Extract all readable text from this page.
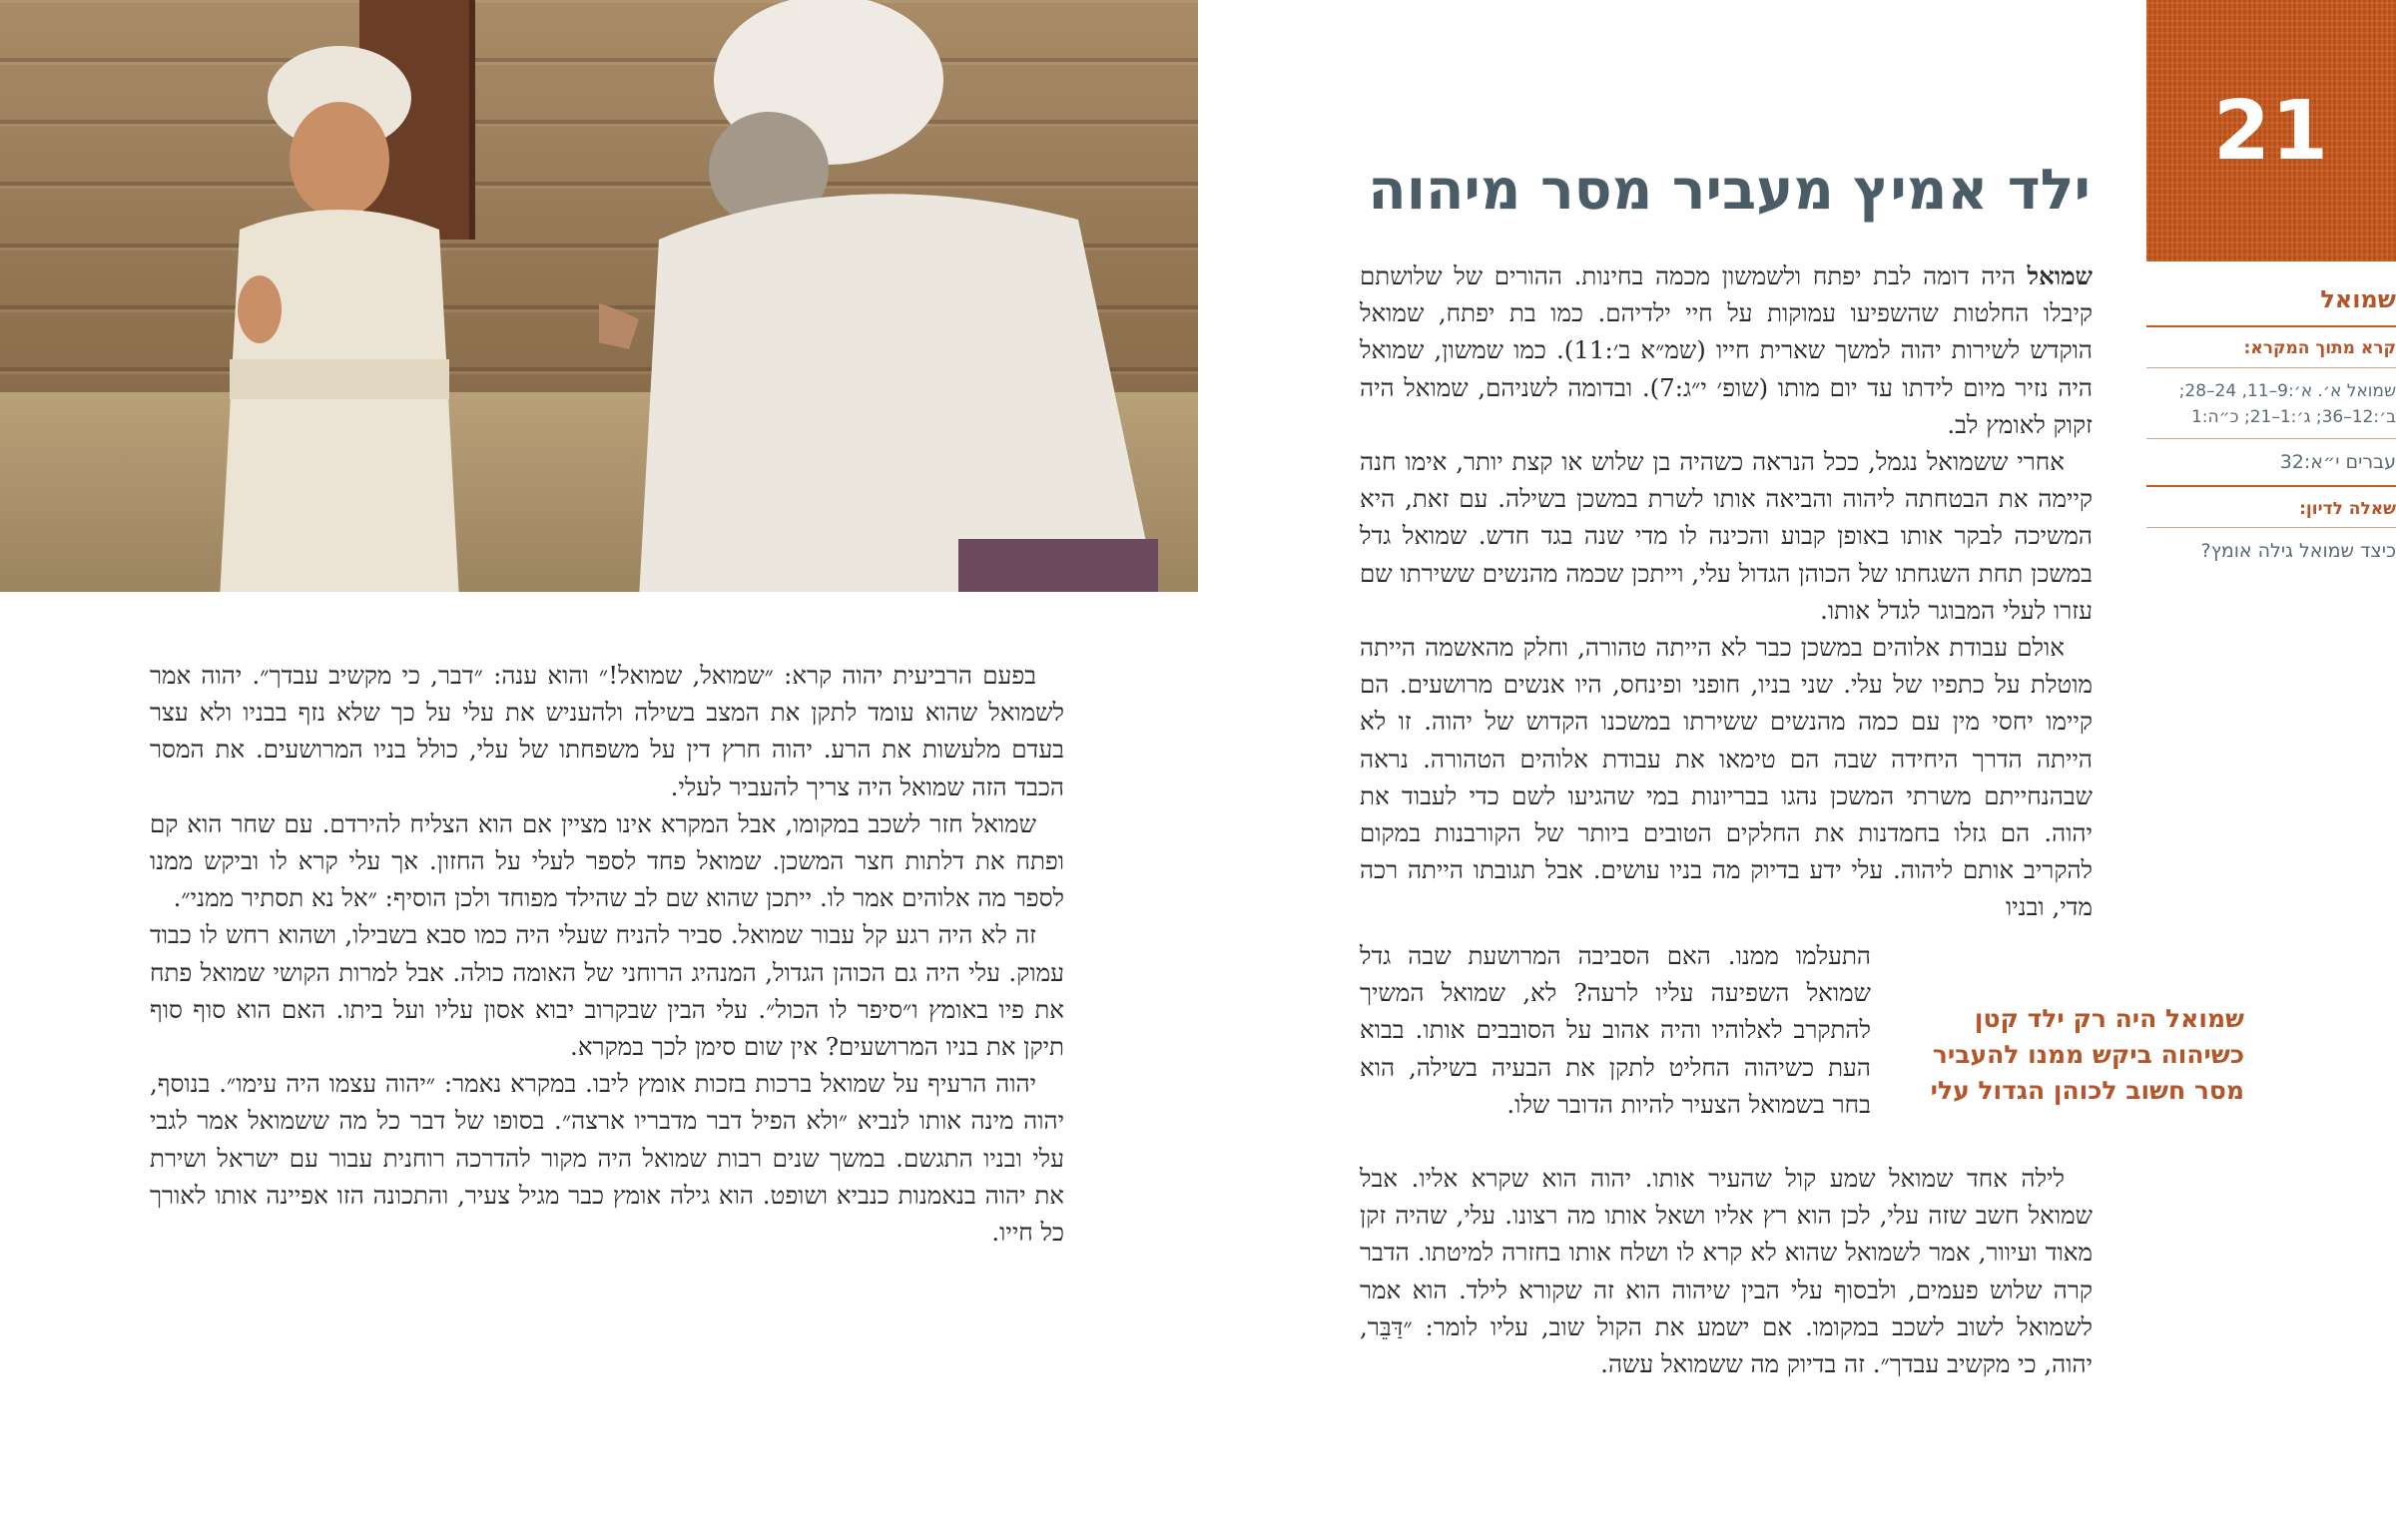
21
ילד אמיץ מעביר מסר מיהוה
שמואל
קרא מתוך המקרא:
שמואל א׳. א׳:9–11, 24–28; ב׳:12–36; ג׳:1–21; כ״ה:1
עברים י״א:32
שאלה לדיון:
כיצד שמואל גילה אומץ?

שמואל היה דומה לבת יפתח ולשמשון מכמה בחינות. ההורים של שלושתם קיבלו החלטות שהשפיעו עמוקות על חיי ילדיהם. כמו בת יפתח, שמואל הוקדש לשירות יהוה למשך שארית חייו (שמ״א ב׳:11). כמו שמשון, שמואל היה נזיר מיום לידתו עד יום מותו (שופ׳ י״ג:7). ובדומה לשניהם, שמואל היה זקוק לאומץ לב.

אחרי ששמואל נגמל, ככל הנראה כשהיה בן שלוש או קצת יותר, אימו חנה קיימה את הבטחתה ליהוה והביאה אותו לשרת במשכן בשילה. עם זאת, היא המשיכה לבקר אותו באופן קבוע והכינה לו מדי שנה בגד חדש. שמואל גדל במשכן תחת השגחתו של הכוהן הגדול עלי, וייתכן שכמה מהנשים ששירתו שם עזרו לעלי המבוגר לגדל אותו.

אולם עבודת אלוהים במשכן כבר לא הייתה טהורה, וחלק מהאשמה הייתה מוטלת על כתפיו של עלי. שני בניו, חופני ופינחס, היו אנשים מרושעים. הם קיימו יחסי מין עם כמה מהנשים ששירתו במשכנו הקדוש של יהוה. זו לא הייתה הדרך היחידה שבה הם טימאו את עבודת אלוהים הטהורה. נראה שבהנחייתם משרתי המשכן נהגו בבריונות במי שהגיעו לשם כדי לעבוד את יהוה. הם גזלו בחמדנות את החלקים הטובים ביותר של הקורבנות במקום להקריב אותם ליהוה. עלי ידע בדיוק מה בניו עושים. אבל תגובתו הייתה רכה מדי, ובניו

התעלמו ממנו. האם הסביבה המרושעת שבה גדל שמואל השפיעה עליו לרעה? לא, שמואל המשיך להתקרב לאלוהיו והיה אהוב על הסובבים אותו. בבוא העת כשיהוה החליט לתקן את הבעיה בשילה, הוא בחר בשמואל הצעיר להיות הדובר שלו.

שמואל היה רק ילד קטן כשיהוה ביקש ממנו להעביר מסר חשוב לכוהן הגדול עלי

לילה אחד שמואל שמע קול שהעיר אותו. יהוה הוא שקרא אליו. אבל שמואל חשב שזה עלי, לכן הוא רץ אליו ושאל אותו מה רצונו. עלי, שהיה זקן מאוד ועיוור, אמר לשמואל שהוא לא קרא לו ושלח אותו בחזרה למיטתו. הדבר קרה שלוש פעמים, ולבסוף עלי הבין שיהוה הוא זה שקורא לילד. הוא אמר לשמואל לשוב לשכב במקומו. אם ישמע את הקול שוב, עליו לומר: ״דַּבֵּר, יהוה, כי מקשיב עבדך״. זה בדיוק מה ששמואל עשה.

בפעם הרביעית יהוה קרא: ״שמואל, שמואל!״ והוא ענה: ״דבר, כי מקשיב עבדך״. יהוה אמר לשמואל שהוא עומד לתקן את המצב בשילה ולהעניש את עלי על כך שלא נזף בבניו ולא עצר בעדם מלעשות את הרע. יהוה חרץ דין על משפחתו של עלי, כולל בניו המרושעים. את המסר הכבד הזה שמואל היה צריך להעביר לעלי.

שמואל חזר לשכב במקומו, אבל המקרא אינו מציין אם הוא הצליח להירדם. עם שחר הוא קם ופתח את דלתות חצר המשכן. שמואל פחד לספר לעלי על החזון. אך עלי קרא לו וביקש ממנו לספר מה אלוהים אמר לו. ייתכן שהוא שם לב שהילד מפוחד ולכן הוסיף: ״אל נא תסתיר ממני״.

זה לא היה רגע קל עבור שמואל. סביר להניח שעלי היה כמו סבא בשבילו, ושהוא רחש לו כבוד עמוק. עלי היה גם הכוהן הגדול, המנהיג הרוחני של האומה כולה. אבל למרות הקושי שמואל פתח את פיו באומץ ו״סיפר לו הכול״. עלי הבין שבקרוב יבוא אסון עליו ועל ביתו. האם הוא סוף סוף תיקן את בניו המרושעים? אין שום סימן לכך במקרא.

יהוה הרעיף על שמואל ברכות בזכות אומץ ליבו. במקרא נאמר: ״יהוה עצמו היה עימו״. בנוסף, יהוה מינה אותו לנביא ״ולא הפיל דבר מדבריו ארצה״. בסופו של דבר כל מה ששמואל אמר לגבי עלי ובניו התגשם. במשך שנים רבות שמואל היה מקור להדרכה רוחנית עבור עם ישראל ושירת את יהוה בנאמנות כנביא ושופט. הוא גילה אומץ כבר מגיל צעיר, והתכונה הזו אפיינה אותו לאורך כל חייו.
